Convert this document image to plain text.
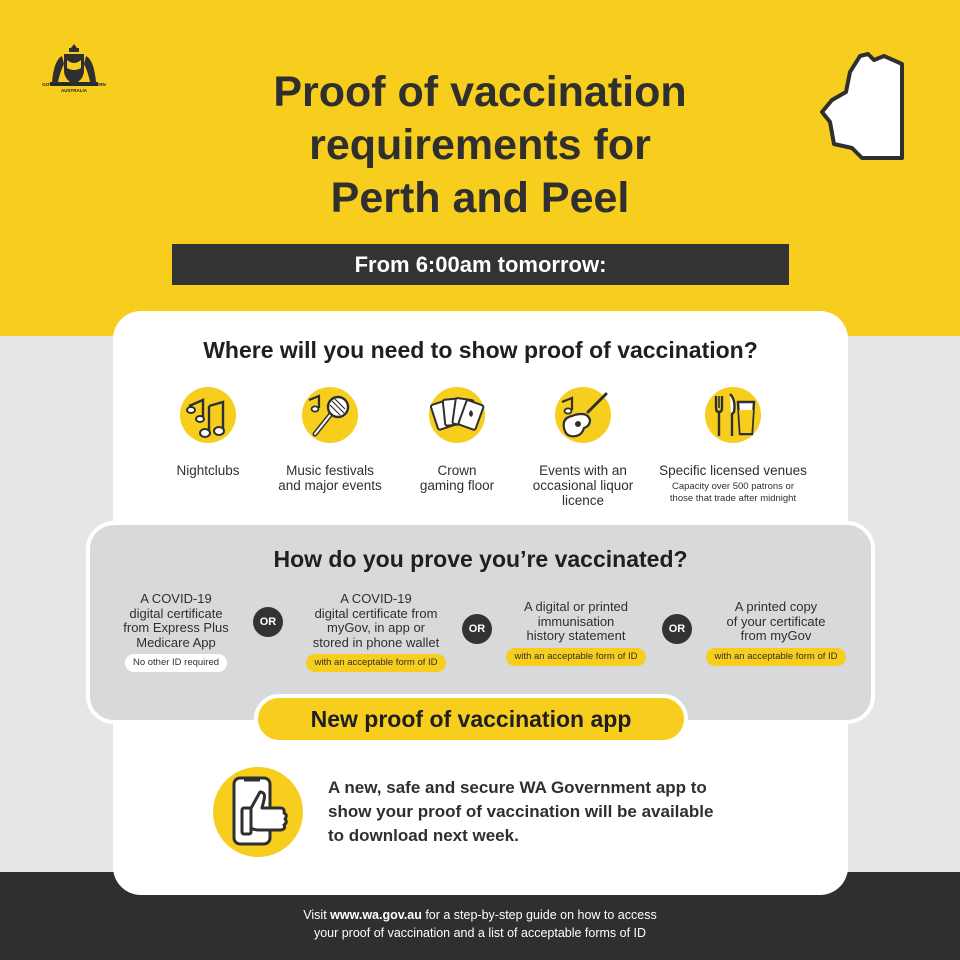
GOVERNMENT OF WESTERN AUSTRALIA	Proof of vaccination
requirements for
Perth and Peel
From 6:00am tomorrow:
Where will you need to show proof of vaccination?
Nightclubs	Music festivals
and major events
Crown
gaming floor
Events with an
occasional liquor
licence
Specific licensed venues
Capacity over 500 patrons or
those that trade after midnight
How do you prove you’re vaccinated?
A COVID-19
digital certificate
from Express Plus
Medicare App
No other ID required
OR
A COVID-19
digital certificate from
myGov, in app or
stored in phone wallet
with an acceptable form of ID
OR
A digital or printed
immunisation
history statement
with an acceptable form of ID
OR
A printed copy
of your certificate
from myGov
with an acceptable form of ID
New proof of vaccination app
A new, safe and secure WA Government app to
show your proof of vaccination will be available
to download next week.
Visit www.wa.gov.au for a step-by-step guide on how to access
your proof of vaccination and a list of acceptable forms of ID
